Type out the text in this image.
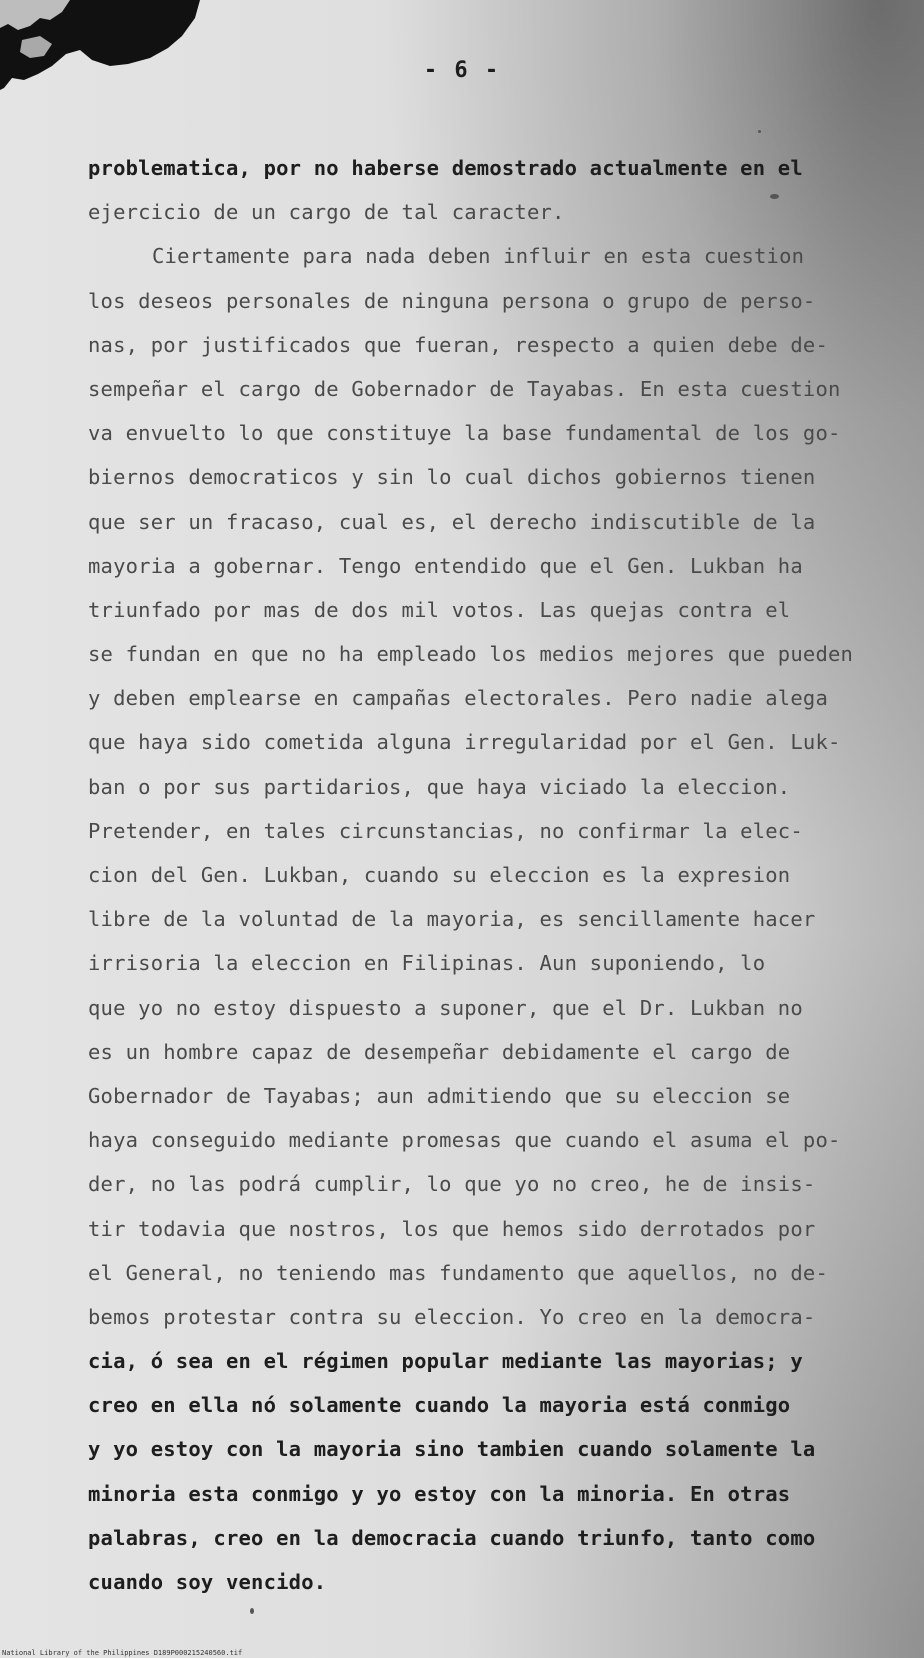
- 6 -
problematica, por no haberse demostrado actualmente en el
ejercicio de un cargo de tal caracter.
Ciertamente para nada deben influir en esta cuestion
los deseos personales de ninguna persona o grupo de perso-
nas, por justificados que fueran, respecto a quien debe de-
sempeñar el cargo de Gobernador de Tayabas. En esta cuestion
va envuelto lo que constituye la base fundamental de los go-
biernos democraticos y sin lo cual dichos gobiernos tienen
que ser un fracaso, cual es, el derecho indiscutible de la
mayoria a gobernar. Tengo entendido que el Gen. Lukban ha
triunfado por mas de dos mil votos. Las quejas contra el
se fundan en que no ha empleado los medios mejores que pueden
y deben emplearse en campañas electorales. Pero nadie alega
que haya sido cometida alguna irregularidad por el Gen. Luk-
ban o por sus partidarios, que haya viciado la eleccion.
Pretender, en tales circunstancias, no confirmar la elec-
cion del Gen. Lukban, cuando su eleccion es la expresion
libre de la voluntad de la mayoria, es sencillamente hacer
irrisoria la eleccion en Filipinas. Aun suponiendo, lo
que yo no estoy dispuesto a suponer, que el Dr. Lukban no
es un hombre capaz de desempeñar debidamente el cargo de
Gobernador de Tayabas; aun admitiendo que su eleccion se
haya conseguido mediante promesas que cuando el asuma el po-
der, no las podrá cumplir, lo que yo no creo, he de insis-
tir todavia que nostros, los que hemos sido derrotados por
el General, no teniendo mas fundamento que aquellos, no de-
bemos protestar contra su eleccion. Yo creo en la democra-
cia, ó sea en el régimen popular mediante las mayorias; y
creo en ella nó solamente cuando la mayoria está conmigo
y yo estoy con la mayoria sino tambien cuando solamente la
minoria esta conmigo y yo estoy con la minoria. En otras
palabras, creo en la democracia cuando triunfo, tanto como
cuando soy vencido.
National Library of the Philippines D189P000215240560.tif
